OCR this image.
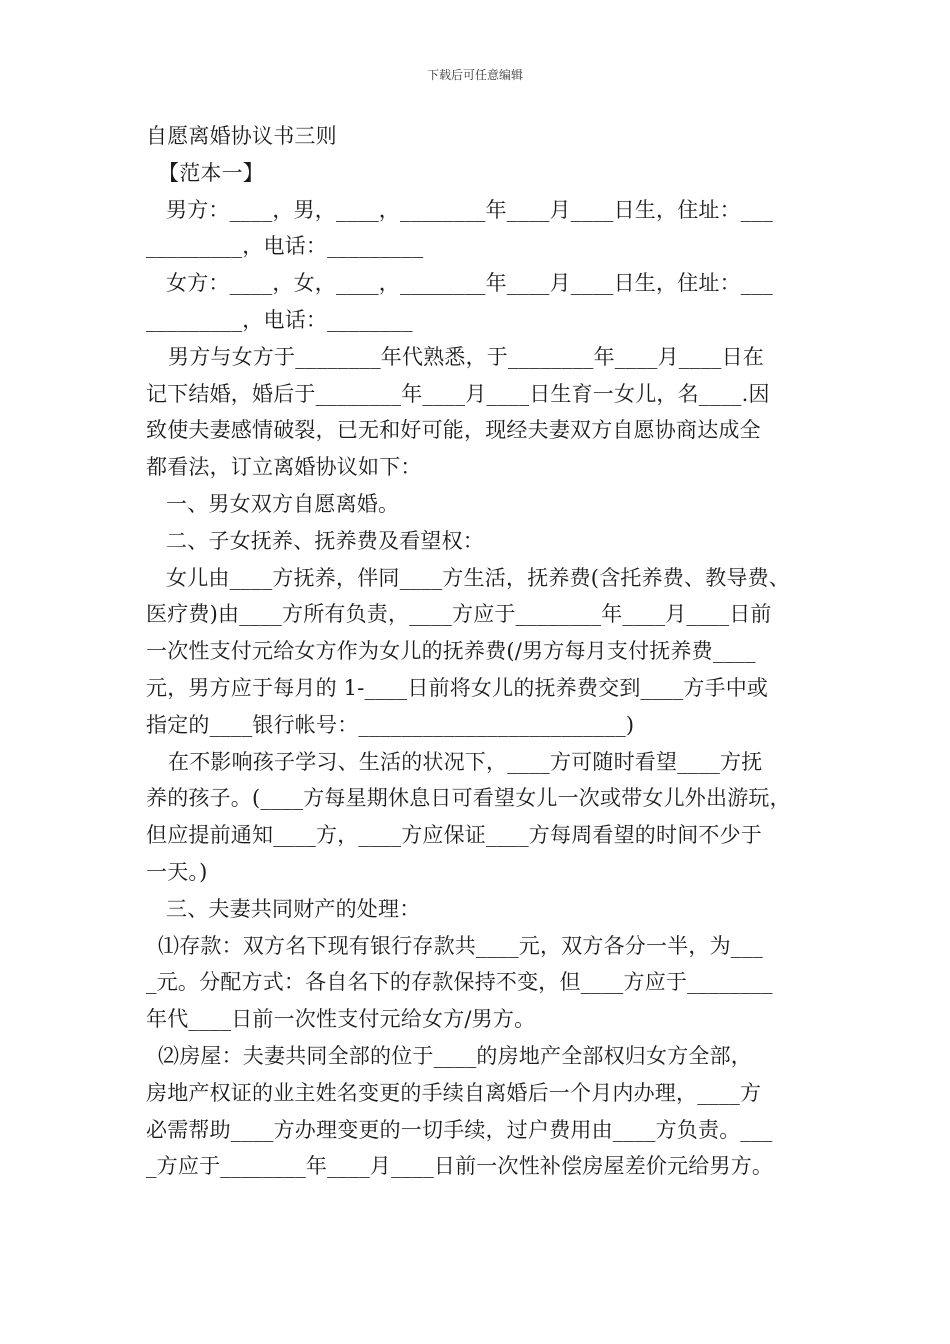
下载后可任意编辑
自愿离婚协议书三则
【范本一】
男方：____，男，____，________年____月____日生，住址：___
_________，电话：_________
女方：____，女，____，________年____月____日生，住址：___
_________，电话：________
男方与女方于________年代熟悉，于________年____月____日在
记下结婚，婚后于________年____月____日生育一女儿，名____.因
致使夫妻感情破裂，已无和好可能，现经夫妻双方自愿协商达成全
都看法，订立离婚协议如下：
一、男女双方自愿离婚。
二、子女抚养、抚养费及看望权：
女儿由____方抚养，伴同____方生活，抚养费(含托养费、教导费、
医疗费)由____方所有负责，____方应于________年____月____日前
一次性支付元给女方作为女儿的抚养费(/男方每月支付抚养费____
元，男方应于每月的 1-____日前将女儿的抚养费交到____方手中或
指定的____银行帐号：_________________________)
在不影响孩子学习、生活的状况下，____方可随时看望____方抚
养的孩子。(____方每星期休息日可看望女儿一次或带女儿外出游玩，
但应提前通知____方，____方应保证____方每周看望的时间不少于
一天。)
三、夫妻共同财产的处理：
⑴存款：双方名下现有银行存款共____元，双方各分一半，为___
_元。分配方式：各自名下的存款保持不变，但____方应于________
年代____日前一次性支付元给女方/男方。
⑵房屋：夫妻共同全部的位于____的房地产全部权归女方全部，
房地产权证的业主姓名变更的手续自离婚后一个月内办理，____方
必需帮助____方办理变更的一切手续，过户费用由____方负责。___
_方应于________年____月____日前一次性补偿房屋差价元给男方。
